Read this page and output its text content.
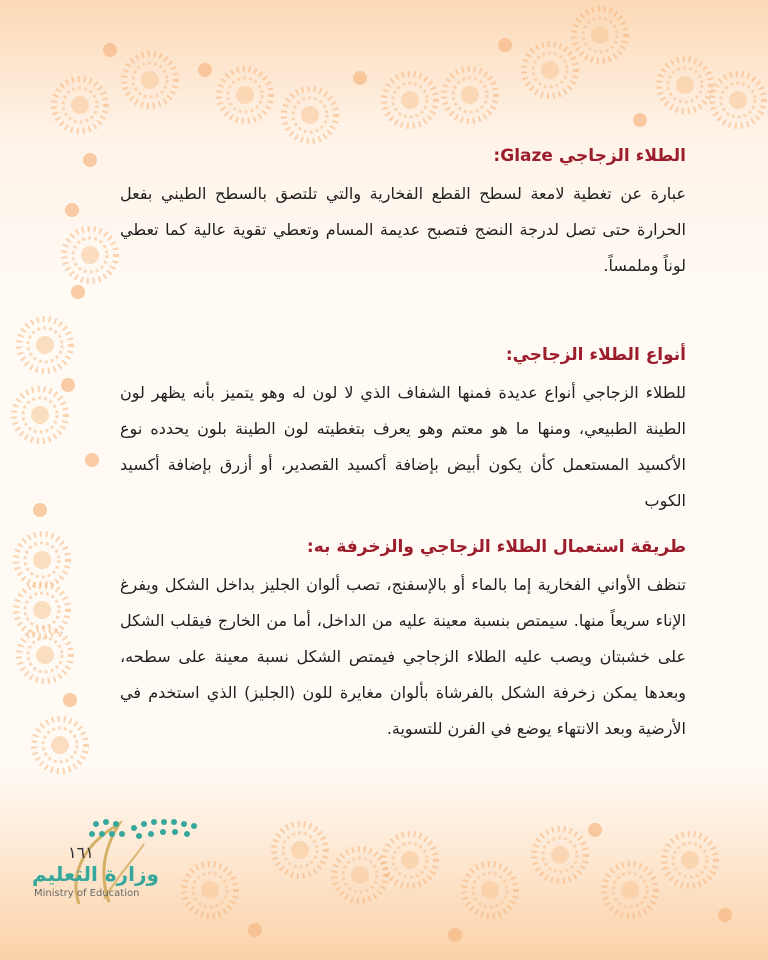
الطلاء الزجاجي Glaze:

عبارة عن تغطية لامعة لسطح القطع الفخارية والتي تلتصق بالسطح الطيني بفعل الحرارة حتى تصل لدرجة النضج فتصبح عديمة المسام وتعطي تقوية عالية كما تعطي لوناً وملمساً.

أنواع الطلاء الزجاجي:

للطلاء الزجاجي أنواع عديدة فمنها الشفاف الذي لا لون له وهو يتميز بأنه يظهر لون الطينة الطبيعي، ومنها ما هو معتم وهو يعرف بتغطيته لون الطينة بلون يحدده نوع الأكسيد المستعمل كأن يكون أبيض بإضافة أكسيد القصدير، أو أزرق بإضافة أكسيد الكوب

طريقة استعمال الطلاء الزجاجي والزخرفة به:

تنظف الأواني الفخارية إما بالماء أو بالإسفنج، تصب ألوان الجليز بداخل الشكل ويفرغ الإناء سريعاً منها. سيمتص بنسبة معينة عليه من الداخل، أما من الخارج فيقلب الشكل على خشبتان ويصب عليه الطلاء الزجاجي فيمتص الشكل نسبة معينة على سطحه، وبعدها يمكن زخرفة الشكل بالفرشاة بألوان مغايرة للون (الجليز) الذي استخدم في الأرضية وبعد الانتهاء يوضع في الفرن للتسوية.

١٦١
وزارة التعليم
Ministry of Education
